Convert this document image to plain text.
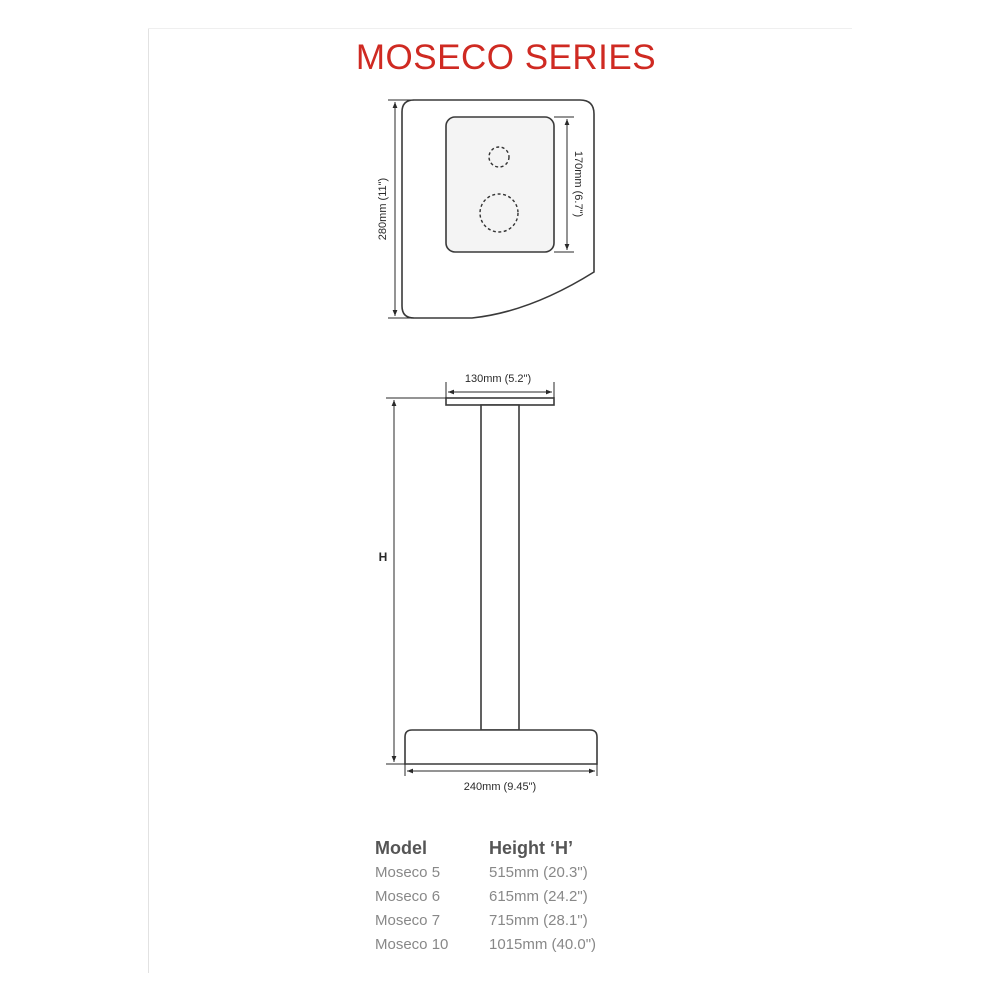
MOSECO SERIES
280mm (11")	170mm (6.7")
130mm (5.2")
H
240mm (9.45")
Model	Height ‘H’
Moseco 5	515mm (20.3")
Moseco 6	615mm (24.2")
Moseco 7	715mm (28.1")
Moseco 10	1015mm (40.0")
